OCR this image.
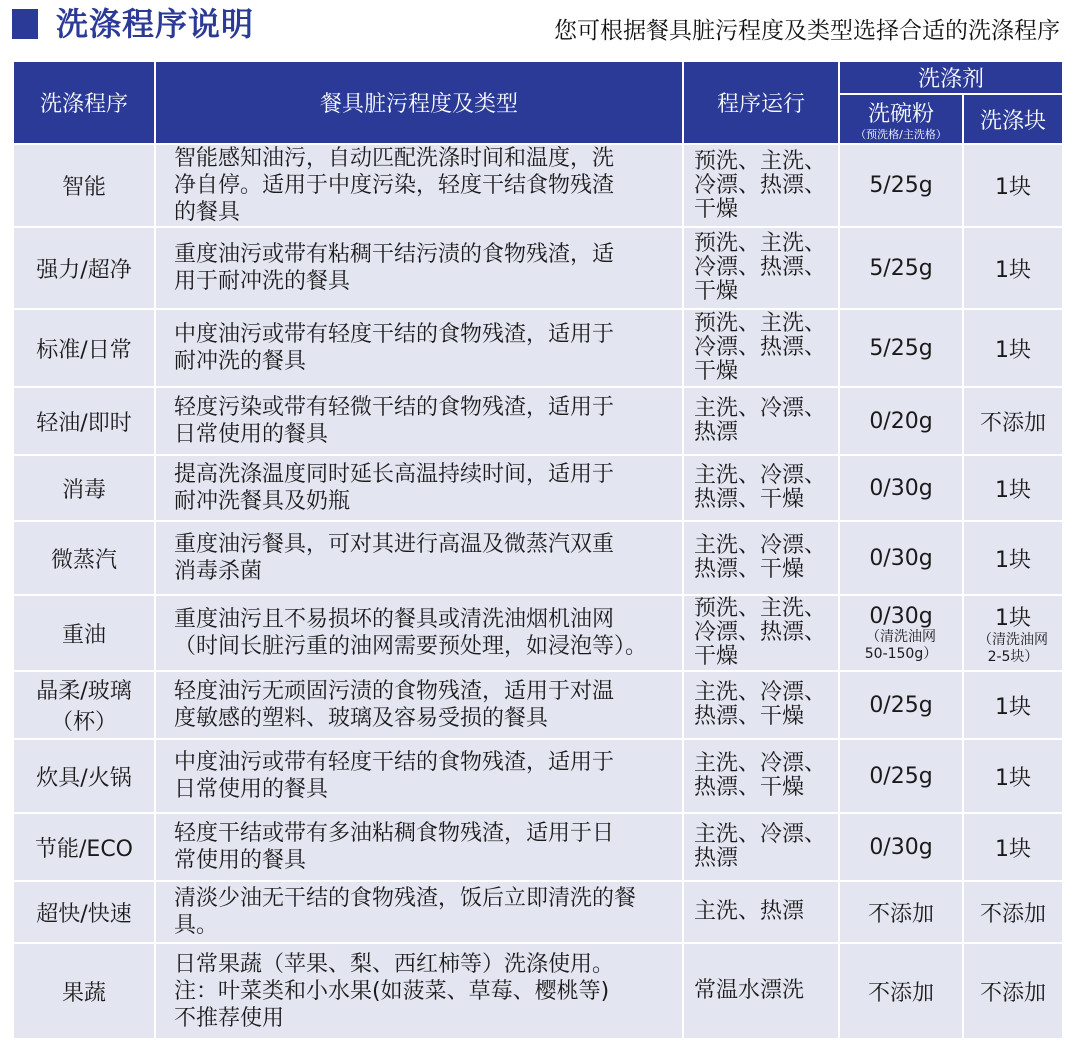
洗涤程序说明	您可根据餐具脏污程度及类型选择合适的洗涤程序
洗涤程序	餐具脏污程度及类型	程序运行	洗涤剂	
			洗碗粉
（预洗格/主洗格）	洗涤块
智能	智能感知油污，自动匹配洗涤时间和温度，洗
净自停。适用于中度污染，轻度干结食物残渣
的餐具	预洗、主洗、
冷漂、热漂、
干燥	5/25g	1块
强力/超净	重度油污或带有粘稠干结污渍的食物残渣，适
用于耐冲洗的餐具	预洗、主洗、
冷漂、热漂、
干燥	5/25g	1块
标准/日常	中度油污或带有轻度干结的食物残渣，适用于
耐冲洗的餐具	预洗、主洗、
冷漂、热漂、
干燥	5/25g	1块
轻油/即时	轻度污染或带有轻微干结的食物残渣，适用于
日常使用的餐具	主洗、冷漂、
热漂	0/20g	不添加
消毒	提高洗涤温度同时延长高温持续时间，适用于
耐冲洗餐具及奶瓶	主洗、冷漂、
热漂、干燥	0/30g	1块
微蒸汽	重度油污餐具，可对其进行高温及微蒸汽双重
消毒杀菌	主洗、冷漂、
热漂、干燥	0/30g	1块
重油	重度油污且不易损坏的餐具或清洗油烟机油网
（时间长脏污重的油网需要预处理，如浸泡等）。	预洗、主洗、
冷漂、热漂、
干燥	0/30g
（清洗油网
50-150g）	1块
（清洗油网
2-5块）

晶柔/玻璃
（杯）	轻度油污无顽固污渍的食物残渣，适用于对温
度敏感的塑料、玻璃及容易受损的餐具	主洗、冷漂、
热漂、干燥	0/25g	1块
炊具/火锅	中度油污或带有轻度干结的食物残渣，适用于
日常使用的餐具	主洗、冷漂、
热漂、干燥	0/25g	1块
节能/ECO	轻度干结或带有多油粘稠食物残渣，适用于日
常使用的餐具	主洗、冷漂、
热漂	0/30g	1块
超快/快速	清淡少油无干结的食物残渣，饭后立即清洗的餐具。	主洗、热漂	不添加	不添加
果蔬	日常果蔬（苹果、梨、西红柿等）洗涤使用。
注：叶菜类和小水果(如菠菜、草莓、樱桃等)
不推荐使用	常温水漂洗	不添加	不添加
